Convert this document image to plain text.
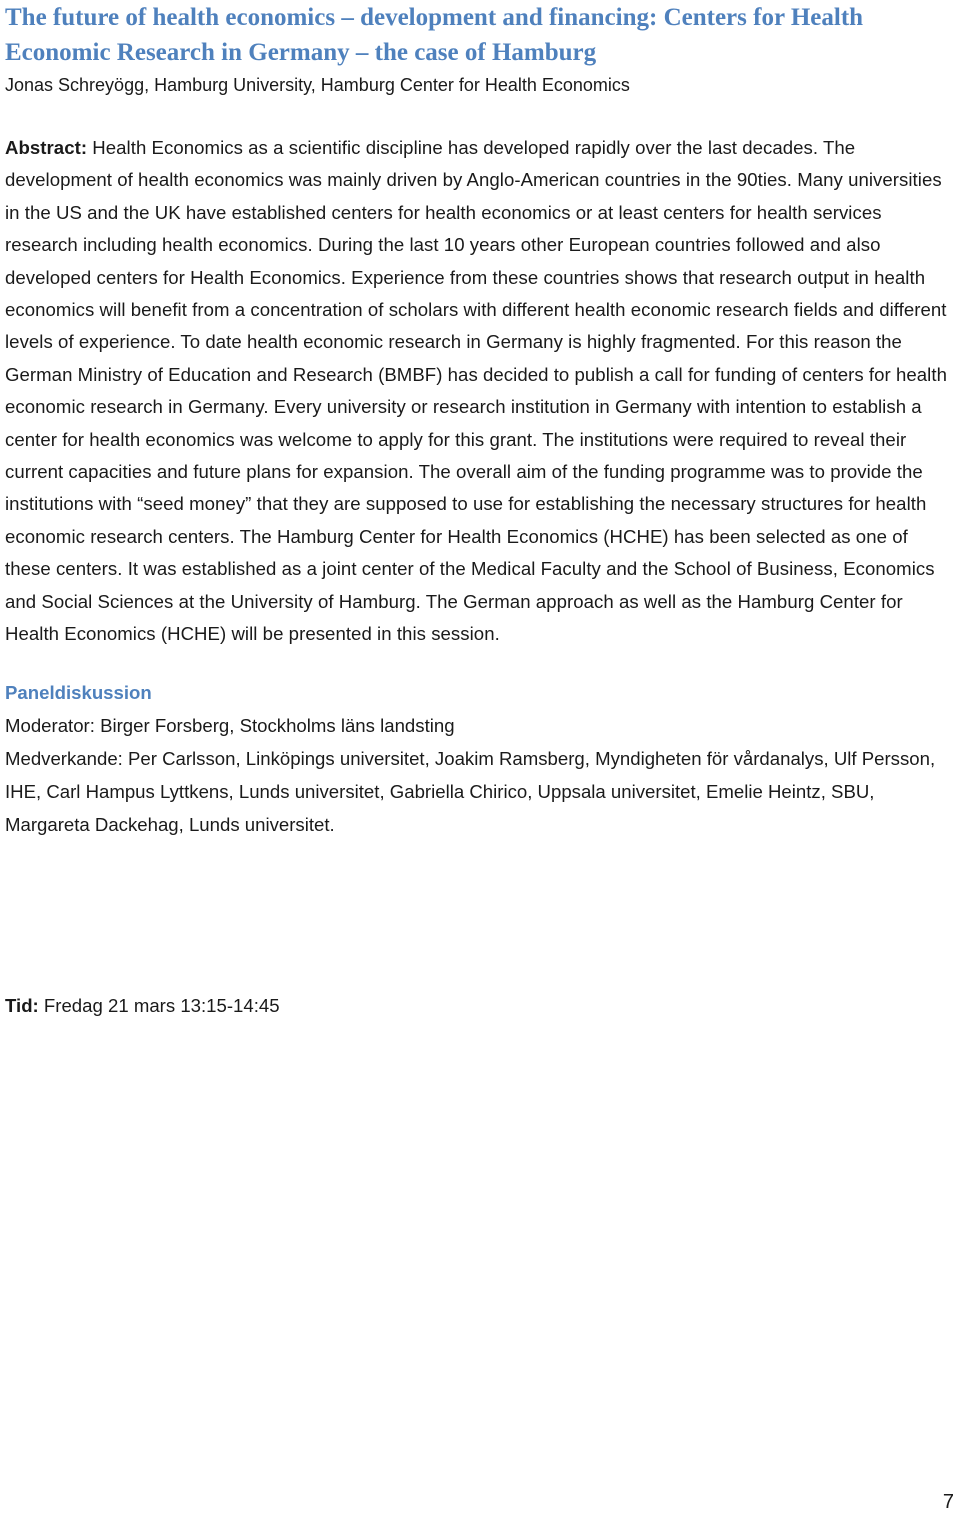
The future of health economics – development and financing: Centers for Health Economic Research in Germany – the case of Hamburg

Jonas Schreyögg, Hamburg University, Hamburg Center for Health Economics

Abstract: Health Economics as a scientific discipline has developed rapidly over the last decades. The development of health economics was mainly driven by Anglo-American countries in the 90ties. Many universities in the US and the UK have established centers for health economics or at least centers for health services research including health economics. During the last 10 years other European countries followed and also developed centers for Health Economics. Experience from these countries shows that research output in health economics will benefit from a concentration of scholars with different health economic research fields and different levels of experience. To date health economic research in Germany is highly fragmented. For this reason the German Ministry of Education and Research (BMBF) has decided to publish a call for funding of centers for health economic research in Germany. Every university or research institution in Germany with intention to establish a center for health economics was welcome to apply for this grant. The institutions were required to reveal their current capacities and future plans for expansion. The overall aim of the funding programme was to provide the institutions with “seed money” that they are supposed to use for establishing the necessary structures for health economic research centers. The Hamburg Center for Health Economics (HCHE) has been selected as one of these centers. It was established as a joint center of the Medical Faculty and the School of Business, Economics and Social Sciences at the University of Hamburg. The German approach as well as the Hamburg Center for Health Economics (HCHE) will be presented in this session.

Paneldiskussion

Moderator: Birger Forsberg, Stockholms läns landsting

Medverkande: Per Carlsson, Linköpings universitet, Joakim Ramsberg, Myndigheten för vårdanalys, Ulf Persson, IHE, Carl Hampus Lyttkens, Lunds universitet, Gabriella Chirico, Uppsala universitet, Emelie Heintz, SBU, Margareta Dackehag, Lunds universitet.

Tid: Fredag 21 mars 13:15-14:45

7
